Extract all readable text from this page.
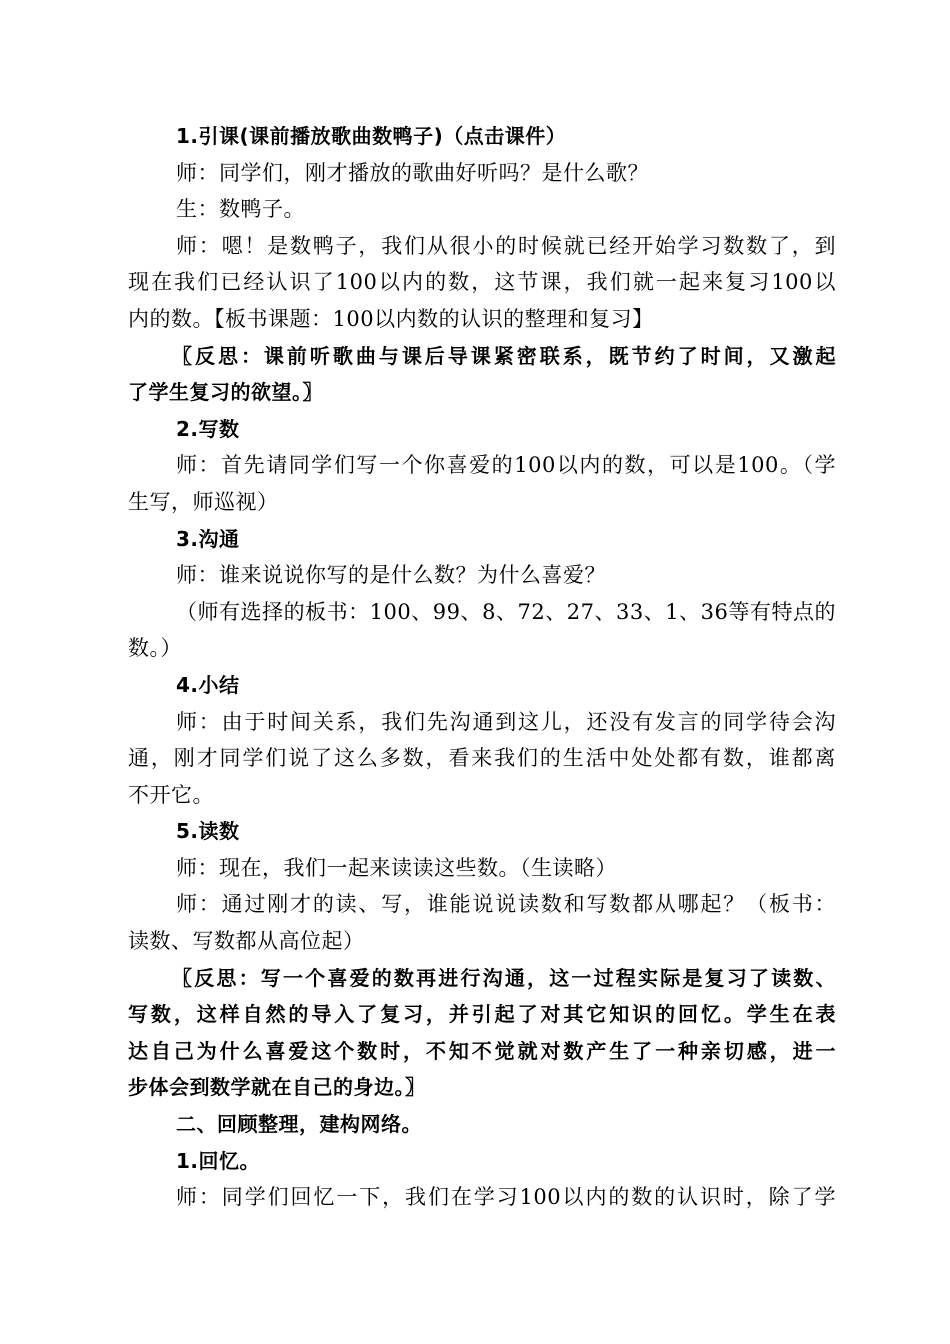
1.引课(课前播放歌曲数鸭子)（点击课件）
师：同学们，刚才播放的歌曲好听吗？是什么歌？
生：数鸭子。
师：嗯！是数鸭子，我们从很小的时候就已经开始学习数数了，到
现在我们已经认识了100以内的数，这节课，我们就一起来复习100以
内的数。【板书课题：100以内数的认识的整理和复习】
〖反思：课前听歌曲与课后导课紧密联系，既节约了时间，又激起
了学生复习的欲望。〗
2.写数
师：首先请同学们写一个你喜爱的100以内的数，可以是100。（学
生写，师巡视）
3.沟通
师：谁来说说你写的是什么数？为什么喜爱？
（师有选择的板书：100、99、8、72、27、33、1、36等有特点的
数。）
4.小结
师：由于时间关系，我们先沟通到这儿，还没有发言的同学待会沟
通，刚才同学们说了这么多数，看来我们的生活中处处都有数，谁都离
不开它。
5.读数
师：现在，我们一起来读读这些数。（生读略）
师：通过刚才的读、写，谁能说说读数和写数都从哪起？（板书：
读数、写数都从高位起）
〖反思：写一个喜爱的数再进行沟通，这一过程实际是复习了读数、
写数，这样自然的导入了复习，并引起了对其它知识的回忆。学生在表
达自己为什么喜爱这个数时，不知不觉就对数产生了一种亲切感，进一
步体会到数学就在自己的身边。〗
二、回顾整理，建构网络。
1.回忆。
师：同学们回忆一下，我们在学习100以内的数的认识时，除了学
